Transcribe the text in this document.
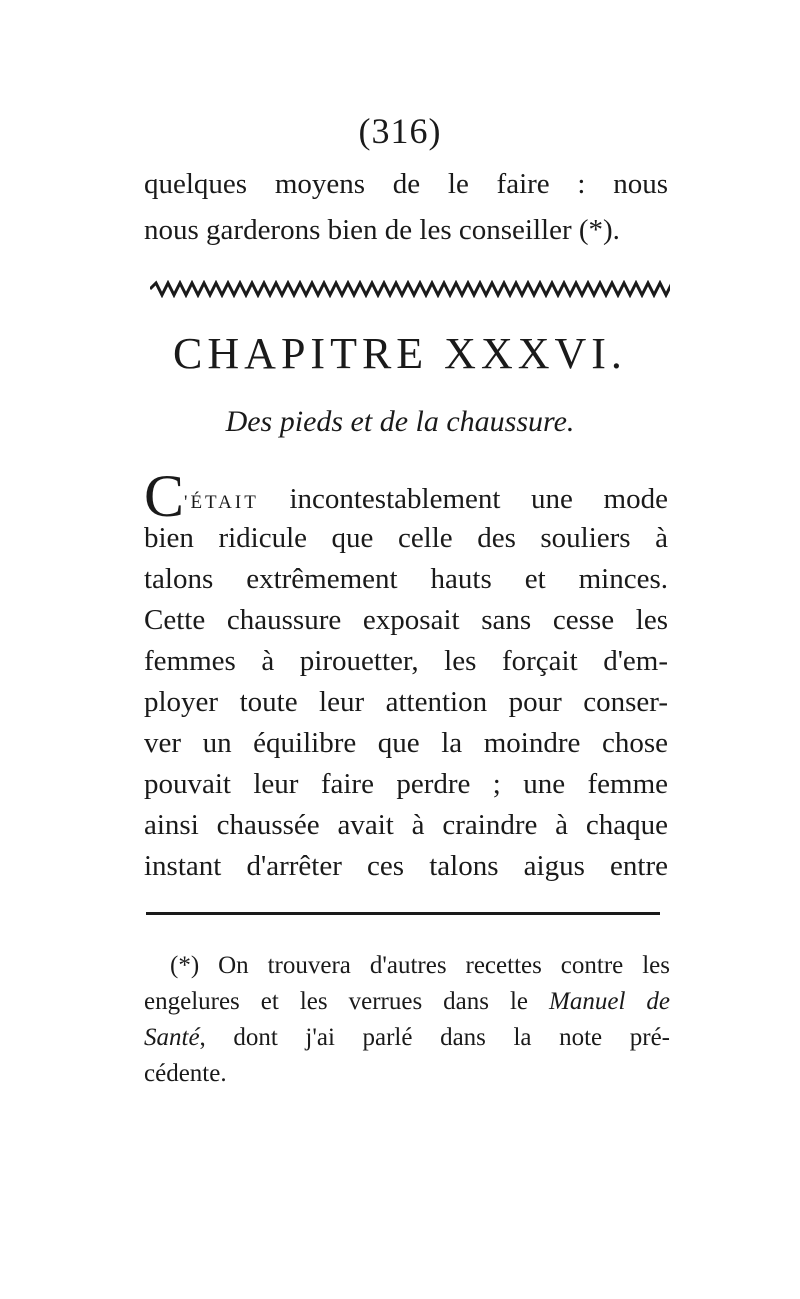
(316)
quelques moyens de le faire : nous
nous garderons bien de les conseiller (*).
CHAPITRE XXXVI.
Des pieds et de la chaussure.
C'ÉTAIT incontestablement une mode
bien ridicule que celle des souliers à
talons extrêmement hauts et minces.
Cette chaussure exposait sans cesse les
femmes à pirouetter, les forçait d'em-
ployer toute leur attention pour conser-
ver un équilibre que la moindre chose
pouvait leur faire perdre ; une femme
ainsi chaussée avait à craindre à chaque
instant d'arrêter ces talons aigus entre
(*) On trouvera d'autres recettes contre les
engelures et les verrues dans le Manuel de
Santé, dont j'ai parlé dans la note pré-
cédente.
